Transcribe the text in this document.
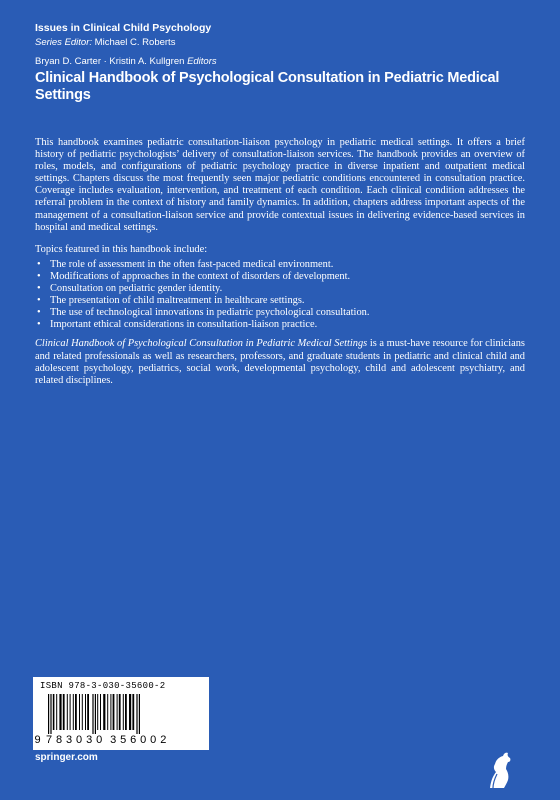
Issues in Clinical Child Psychology
Series Editor: Michael C. Roberts
Bryan D. Carter · Kristin A. Kullgren Editors
Clinical Handbook of Psychological Consultation in Pediatric Medical Settings

This handbook examines pediatric consultation-liaison psychology in pediatric medical settings. It offers a brief history of pediatric psychologists’ delivery of consultation-liaison services. The handbook provides an overview of roles, models, and configurations of pediatric psychology practice in diverse inpatient and outpatient medical settings. Chapters discuss the most frequently seen major pediatric conditions encountered in consultation practice. Coverage includes evaluation, intervention, and treatment of each condition. Each clinical condition addresses the referral problem in the context of history and family dynamics. In addition, chapters address important aspects of the management of a consultation-liaison service and provide contextual issues in delivering evidence-based services in hospital and medical settings.

Topics featured in this handbook include:

• The role of assessment in the often fast-paced medical environment.
• Modifications of approaches in the context of disorders of development.
• Consultation on pediatric gender identity.
• The presentation of child maltreatment in healthcare settings.
• The use of technological innovations in pediatric psychological consultation.
• Important ethical considerations in consultation-liaison practice.

Clinical Handbook of Psychological Consultation in Pediatric Medical Settings is a must-have resource for clinicians and related professionals as well as researchers, professors, and graduate students in pediatric and clinical child and adolescent psychology, pediatrics, social work, developmental psychology, child and adolescent psychiatry, and related disciplines.

ISBN 978-3-030-35600-2
9 783030 356002
springer.com
